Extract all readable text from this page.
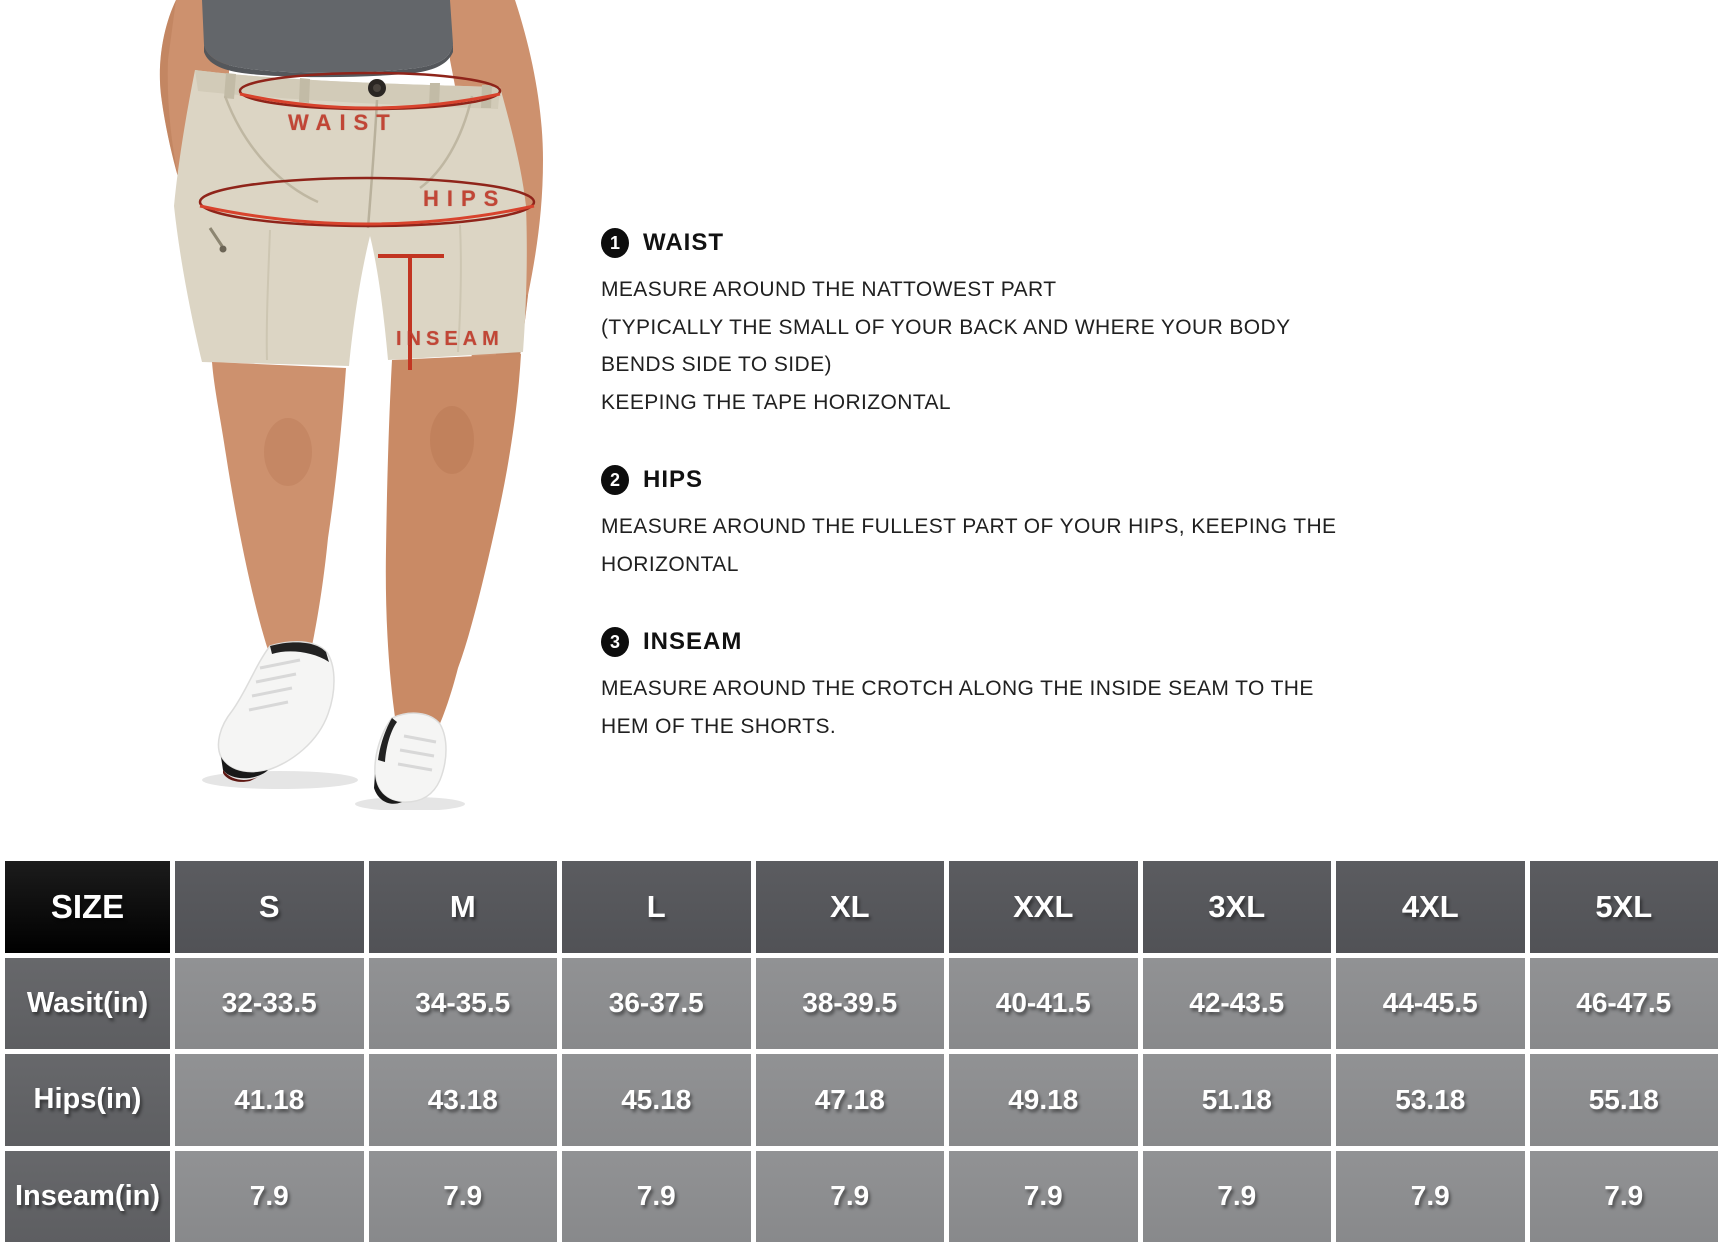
WAIST
HIPS
INSEAM
1 WAIST
MEASURE AROUND THE NATTOWEST PART
(TYPICALLY THE SMALL OF YOUR BACK AND WHERE YOUR BODY
BENDS SIDE TO SIDE)
KEEPING THE TAPE HORIZONTAL
2 HIPS
MEASURE AROUND THE FULLEST PART OF YOUR HIPS, KEEPING THE
HORIZONTAL
3 INSEAM
MEASURE AROUND THE CROTCH ALONG THE INSIDE SEAM TO THE
HEM OF THE SHORTS.
SIZE	S	M	L	XL	XXL	3XL	4XL	5XL
Wasit(in)	32-33.5	34-35.5	36-37.5	38-39.5	40-41.5	42-43.5	44-45.5	46-47.5
Hips(in)	41.18	43.18	45.18	47.18	49.18	51.18	53.18	55.18
Inseam(in)	7.9	7.9	7.9	7.9	7.9	7.9	7.9	7.9
